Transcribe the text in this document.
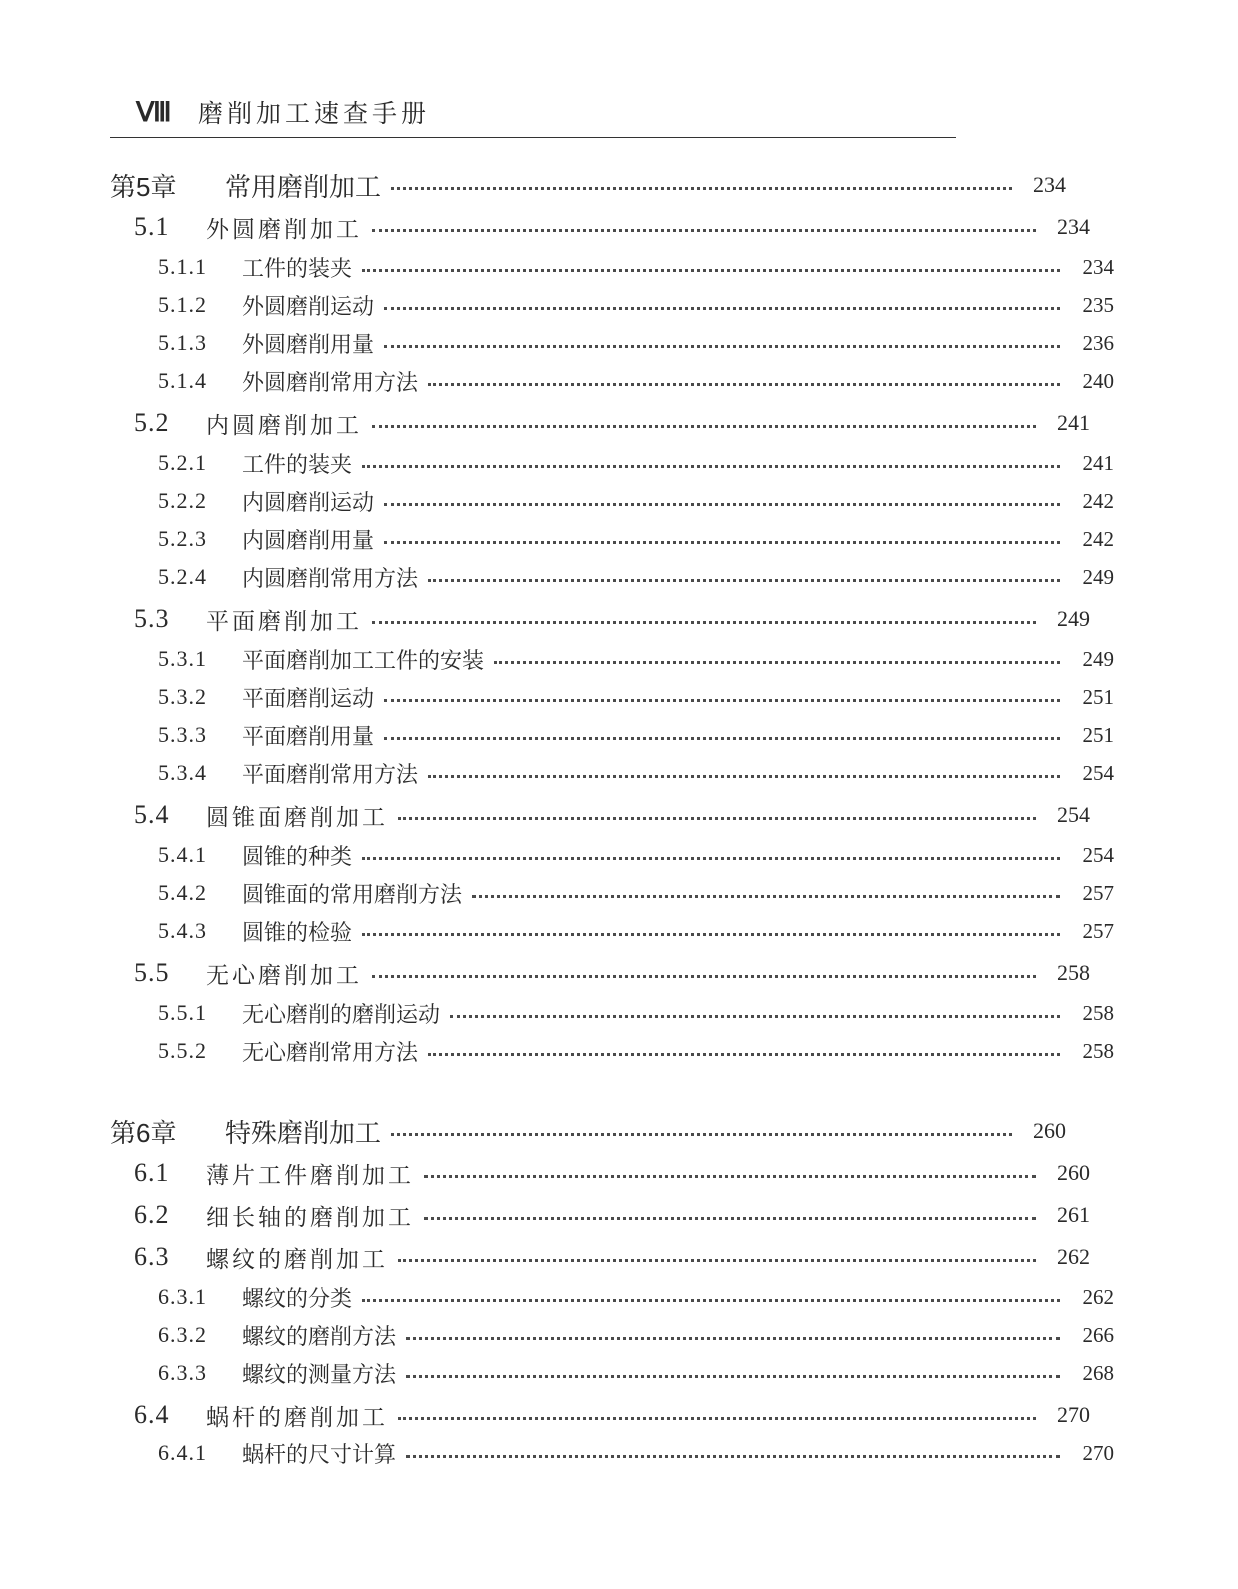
Ⅷ	磨削加工速查手册
第5章	常用磨削加工	234
5.1	外圆磨削加工	234
5.1.1	工件的装夹	234
5.1.2	外圆磨削运动	235
5.1.3	外圆磨削用量	236
5.1.4	外圆磨削常用方法	240
5.2	内圆磨削加工	241
5.2.1	工件的装夹	241
5.2.2	内圆磨削运动	242
5.2.3	内圆磨削用量	242
5.2.4	内圆磨削常用方法	249
5.3	平面磨削加工	249
5.3.1	平面磨削加工工件的安装	249
5.3.2	平面磨削运动	251
5.3.3	平面磨削用量	251
5.3.4	平面磨削常用方法	254
5.4	圆锥面磨削加工	254
5.4.1	圆锥的种类	254
5.4.2	圆锥面的常用磨削方法	257
5.4.3	圆锥的检验	257
5.5	无心磨削加工	258
5.5.1	无心磨削的磨削运动	258
5.5.2	无心磨削常用方法	258
第6章	特殊磨削加工	260
6.1	薄片工件磨削加工	260
6.2	细长轴的磨削加工	261
6.3	螺纹的磨削加工	262
6.3.1	螺纹的分类	262
6.3.2	螺纹的磨削方法	266
6.3.3	螺纹的测量方法	268
6.4	蜗杆的磨削加工	270
6.4.1	蜗杆的尺寸计算	270
